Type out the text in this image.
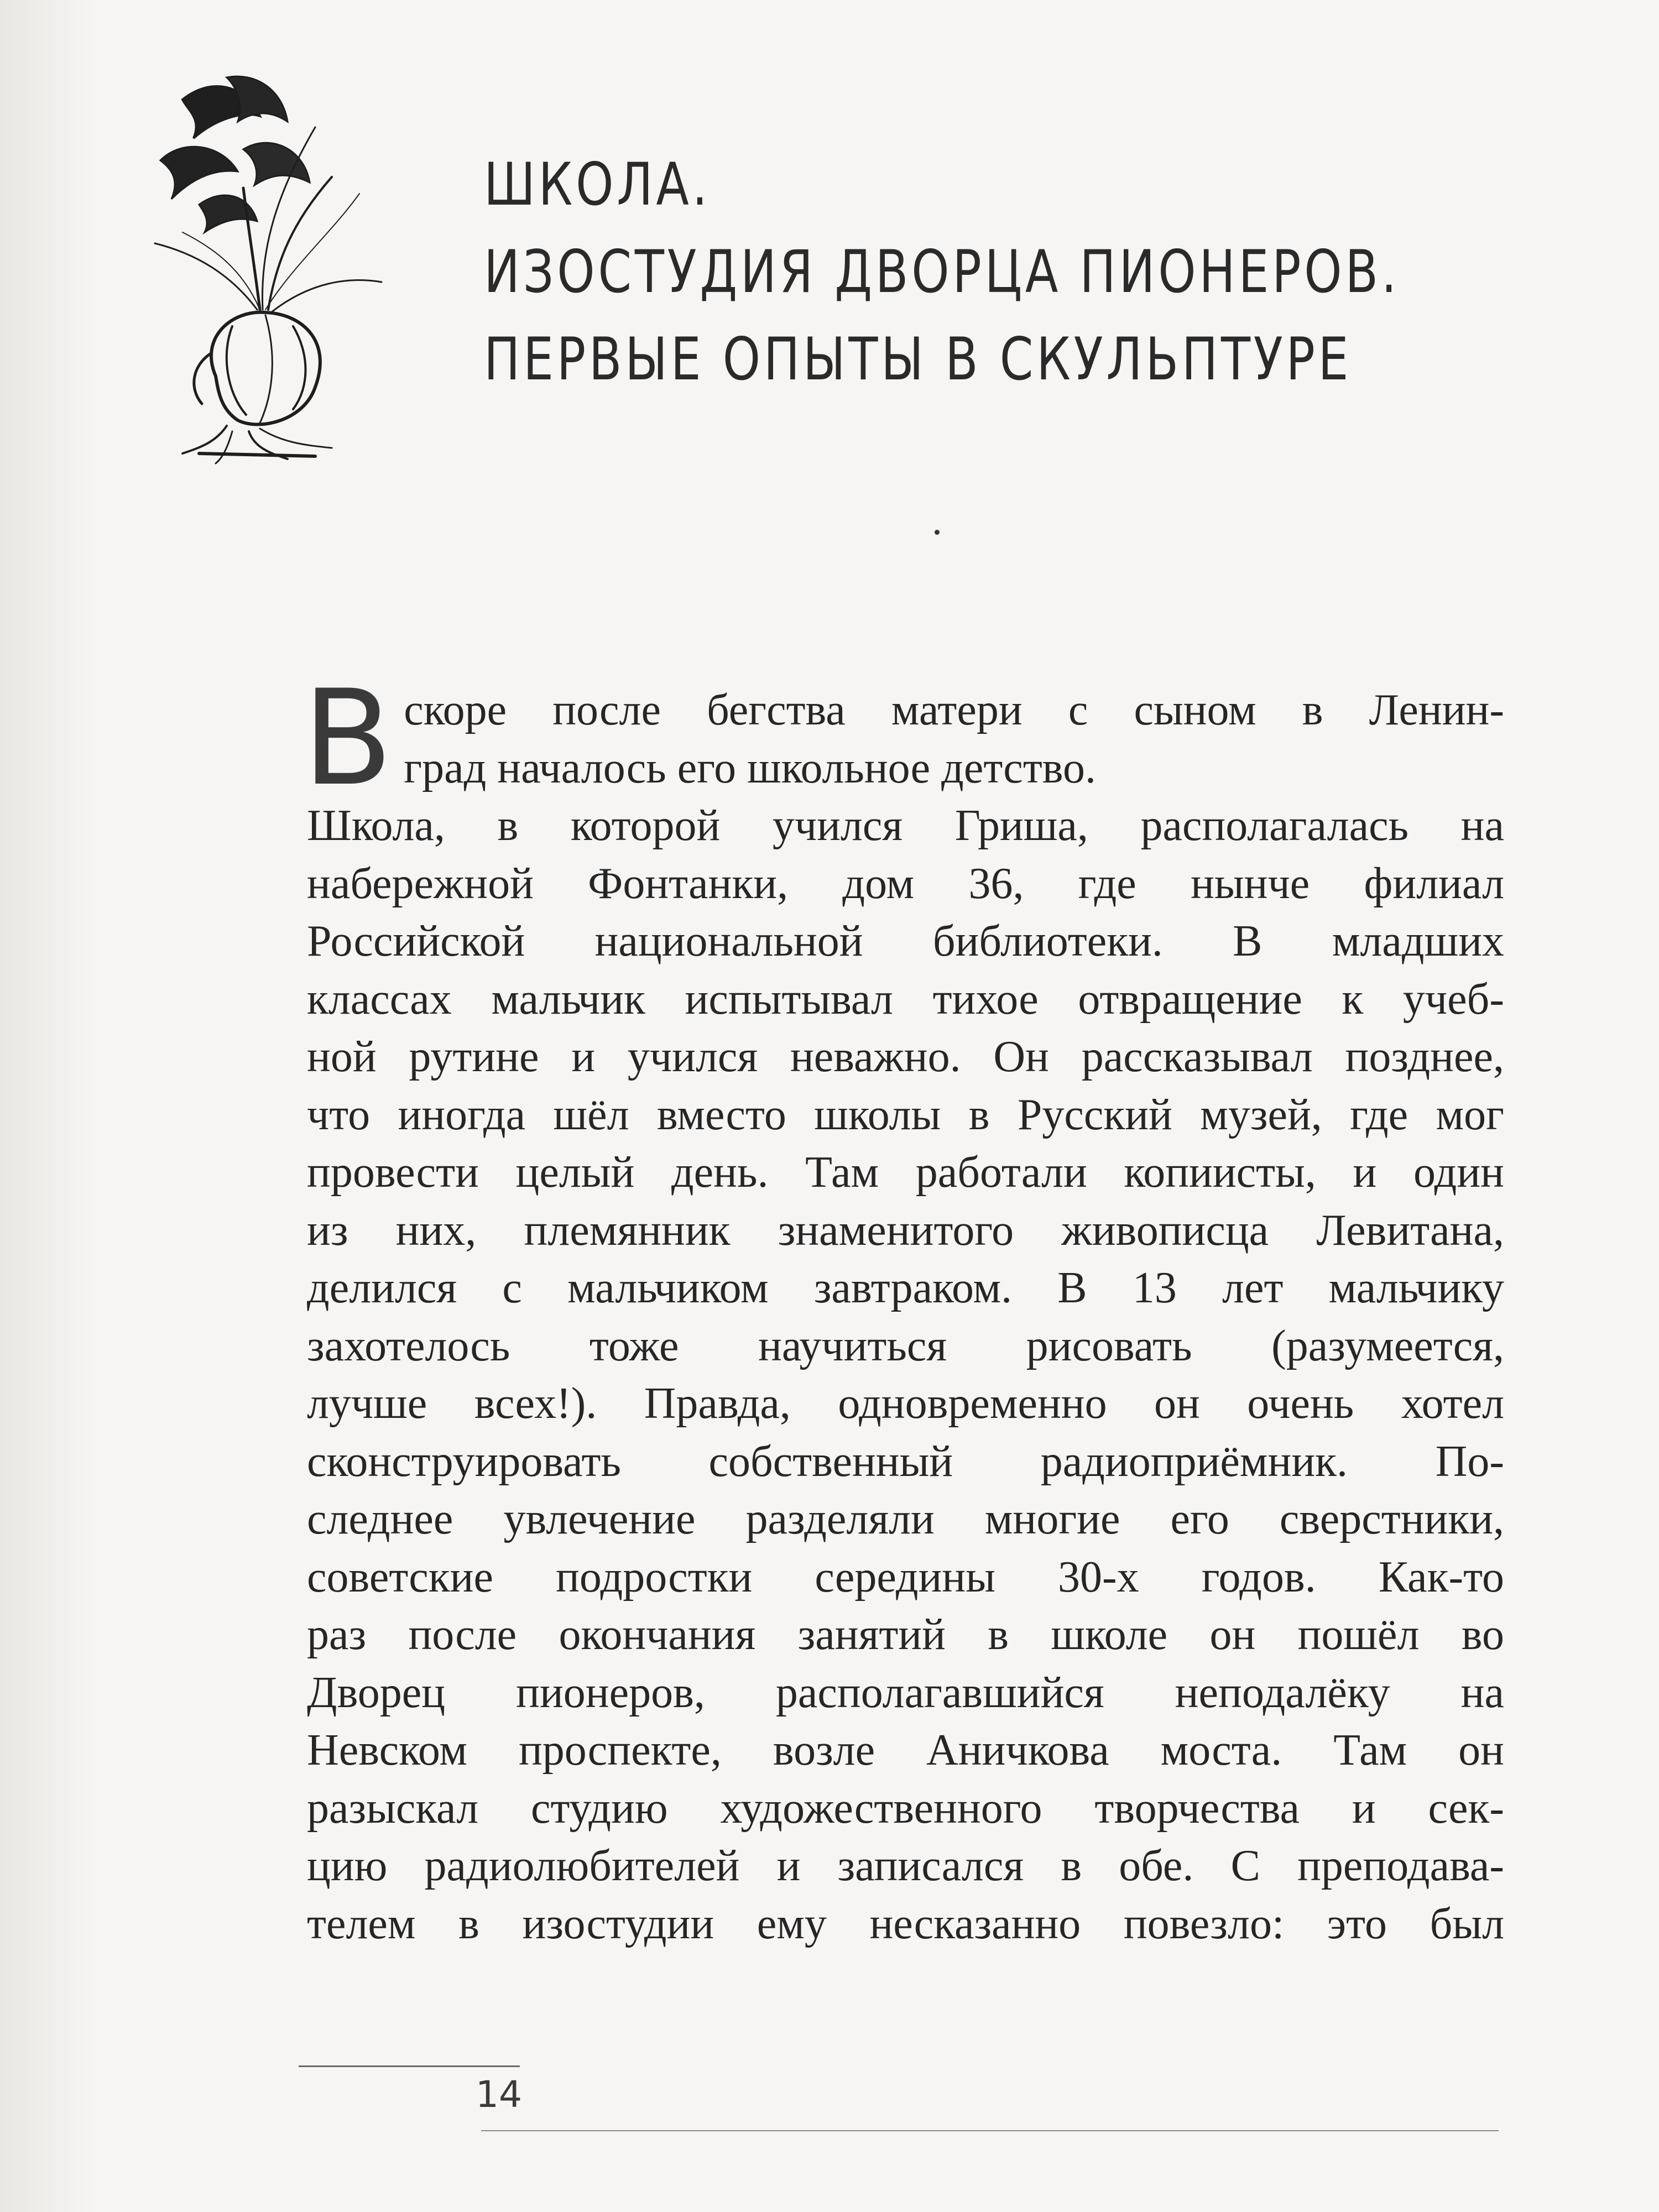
ШКОЛА.
ИЗОСТУДИЯ ДВОРЦА ПИОНЕРОВ.
ПЕРВЫЕ ОПЫТЫ В СКУЛЬПТУРЕ
В скоре после бегства матери с сыном в Ленин-
град началось его школьное детство.
Школа, в которой учился Гриша, располагалась на
набережной Фонтанки, дом 36, где нынче филиал
Российской национальной библиотеки. В младших
классах мальчик испытывал тихое отвращение к учеб-
ной рутине и учился неважно. Он рассказывал позднее,
что иногда шёл вместо школы в Русский музей, где мог
провести целый день. Там работали копиисты, и один
из них, племянник знаменитого живописца Левитана,
делился с мальчиком завтраком. В 13 лет мальчику
захотелось тоже научиться рисовать (разумеется,
лучше всех!). Правда, одновременно он очень хотел
сконструировать собственный радиоприёмник. По-
следнее увлечение разделяли многие его сверстники,
советские подростки середины 30-х годов. Как-то
раз после окончания занятий в школе он пошёл во
Дворец пионеров, располагавшийся неподалёку на
Невском проспекте, возле Аничкова моста. Там он
разыскал студию художественного творчества и сек-
цию радиолюбителей и записался в обе. С преподава-
телем в изостудии ему несказанно повезло: это был
14
